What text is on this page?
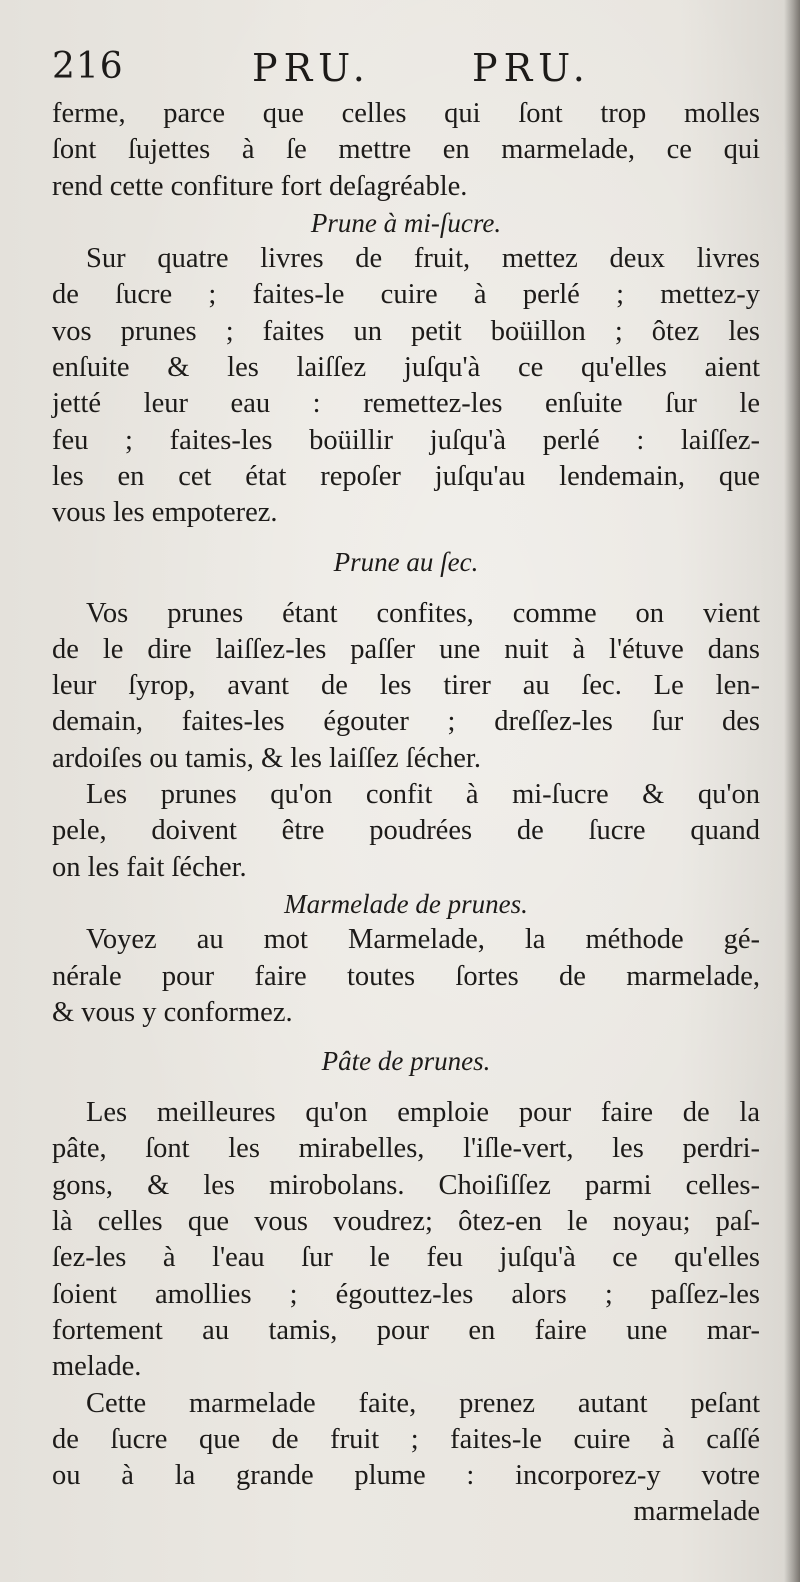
216	PRU.	PRU.
ferme, parce que celles qui ſont trop molles
ſont ſujettes à ſe mettre en marmelade, ce qui
rend cette confiture fort deſagréable.
Prune à mi-ſucre.
Sur quatre livres de fruit, mettez deux livres
de ſucre ; faites-le cuire à perlé ; mettez-y
vos prunes ; faites un petit boüillon ; ôtez les
enſuite & les laiſſez juſqu'à ce qu'elles aient
jetté leur eau : remettez-les enſuite ſur le
feu ; faites-les boüillir juſqu'à perlé : laiſſez-
les en cet état repoſer juſqu'au lendemain, que
vous les empoterez.
Prune au ſec.
Vos prunes étant confites, comme on vient
de le dire laiſſez-les paſſer une nuit à l'étuve dans
leur ſyrop, avant de les tirer au ſec. Le len-
demain, faites-les égouter ; dreſſez-les ſur des
ardoiſes ou tamis, & les laiſſez ſécher.
Les prunes qu'on confit à mi-ſucre & qu'on
pele, doivent être poudrées de ſucre quand
on les fait ſécher.
Marmelade de prunes.
Voyez au mot Marmelade, la méthode gé-
nérale pour faire toutes ſortes de marmelade,
& vous y conformez.
Pâte de prunes.
Les meilleures qu'on emploie pour faire de la
pâte, ſont les mirabelles, l'iſle-vert, les perdri-
gons, & les mirobolans. Choiſiſſez parmi celles-
là celles que vous voudrez; ôtez-en le noyau; paſ-
ſez-les à l'eau ſur le feu juſqu'à ce qu'elles
ſoient amollies ; égouttez-les alors ; paſſez-les
fortement au tamis, pour en faire une mar-
melade.
Cette marmelade faite, prenez autant peſant
de ſucre que de fruit ; faites-le cuire à caſſé
ou à la grande plume : incorporez-y votre
marmelade
